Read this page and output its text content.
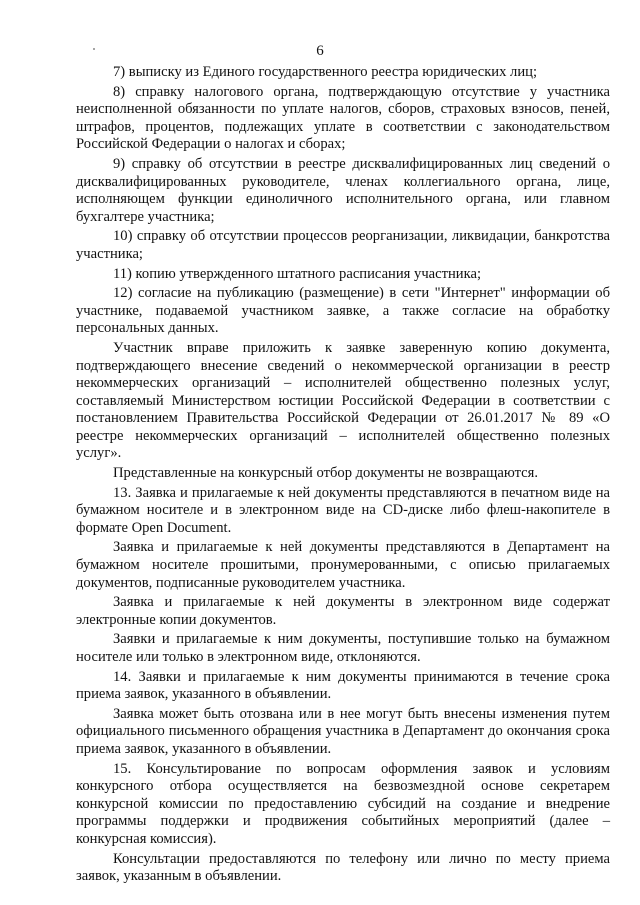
6

7) выписку из Единого государственного реестра юридических лиц;

8) справку налогового органа, подтверждающую отсутствие у участника неисполненной обязанности по уплате налогов, сборов, страховых взносов, пеней, штрафов, процентов, подлежащих уплате в соответствии с законодательством Российской Федерации о налогах и сборах;

9) справку об отсутствии в реестре дисквалифицированных лиц сведений о дисквалифицированных руководителе, членах коллегиального органа, лице, исполняющем функции единоличного исполнительного органа, или главном бухгалтере участника;

10) справку об отсутствии процессов реорганизации, ликвидации, банкротства участника;

11) копию утвержденного штатного расписания участника;

12) согласие на публикацию (размещение) в сети "Интернет" информации об участнике, подаваемой участником заявке, а также согласие на обработку персональных данных.

Участник вправе приложить к заявке заверенную копию документа, подтверждающего внесение сведений о некоммерческой организации в реестр некоммерческих организаций – исполнителей общественно полезных услуг, составляемый Министерством юстиции Российской Федерации в соответствии с постановлением Правительства Российской Федерации от 26.01.2017 № 89 «О реестре некоммерческих организаций – исполнителей общественно полезных услуг».

Представленные на конкурсный отбор документы не возвращаются.

13. Заявка и прилагаемые к ней документы представляются в печатном виде на бумажном носителе и в электронном виде на CD-диске либо флеш-накопителе в формате Open Document.

Заявка и прилагаемые к ней документы представляются в Департамент на бумажном носителе прошитыми, пронумерованными, с описью прилагаемых документов, подписанные руководителем участника.

Заявка и прилагаемые к ней документы в электронном виде содержат электронные копии документов.

Заявки и прилагаемые к ним документы, поступившие только на бумажном носителе или только в электронном виде, отклоняются.

14. Заявки и прилагаемые к ним документы принимаются в течение срока приема заявок, указанного в объявлении.

Заявка может быть отозвана или в нее могут быть внесены изменения путем официального письменного обращения участника в Департамент до окончания срока приема заявок, указанного в объявлении.

15. Консультирование по вопросам оформления заявок и условиям конкурсного отбора осуществляется на безвозмездной основе секретарем конкурсной комиссии по предоставлению субсидий на создание и внедрение программы поддержки и продвижения событийных мероприятий (далее – конкурсная комиссия).

Консультации предоставляются по телефону или лично по месту приема заявок, указанным в объявлении.
